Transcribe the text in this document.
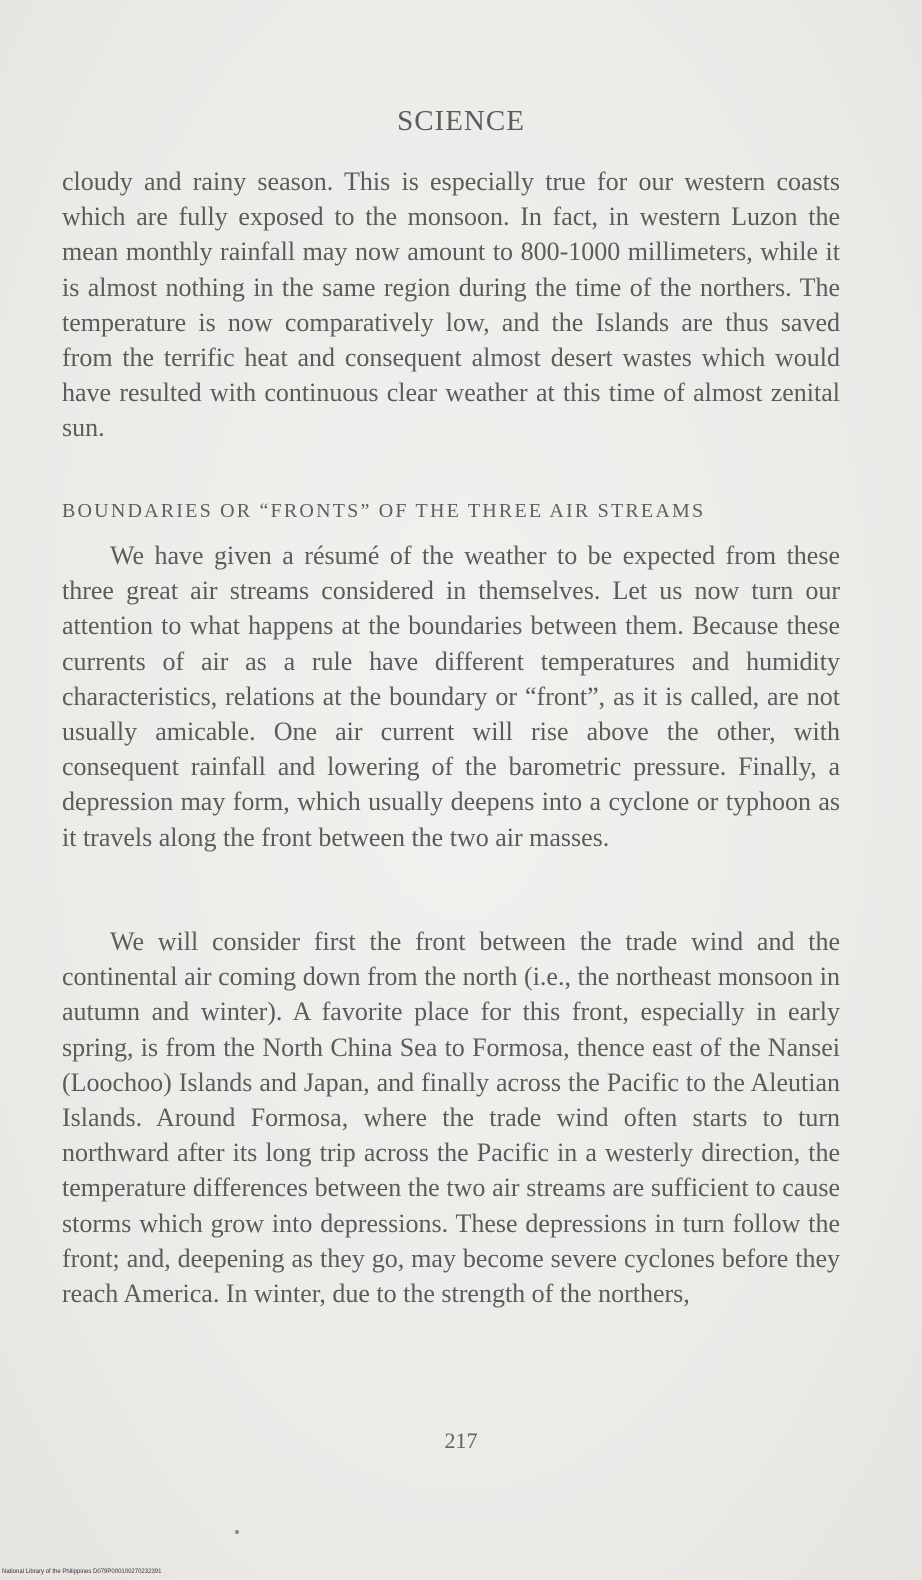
SCIENCE

cloudy and rainy season. This is especially true for our western coasts which are fully exposed to the monsoon. In fact, in western Luzon the mean monthly rainfall may now amount to 800-1000 millimeters, while it is almost nothing in the same region during the time of the northers. The temperature is now comparatively low, and the Islands are thus saved from the terrific heat and consequent almost desert wastes which would have resulted with continuous clear weather at this time of almost zenital sun.

BOUNDARIES OR “FRONTS” OF THE THREE AIR STREAMS

We have given a résumé of the weather to be expected from these three great air streams considered in themselves. Let us now turn our attention to what happens at the boundaries between them. Because these currents of air as a rule have different temperatures and humidity characteristics, relations at the boundary or “front”, as it is called, are not usually amicable. One air current will rise above the other, with consequent rainfall and lowering of the barometric pressure. Finally, a depression may form, which usually deepens into a cyclone or typhoon as it travels along the front between the two air masses.

We will consider first the front between the trade wind and the continental air coming down from the north (i.e., the northeast monsoon in autumn and winter). A favorite place for this front, especially in early spring, is from the North China Sea to Formosa, thence east of the Nansei (Loochoo) Islands and Japan, and finally across the Pacific to the Aleutian Islands. Around Formosa, where the trade wind often starts to turn northward after its long trip across the Pacific in a westerly direction, the temperature differences between the two air streams are sufficient to cause storms which grow into depressions. These depressions in turn follow the front; and, deepening as they go, may become severe cyclones before they reach America. In winter, due to the strength of the northers,

217
National Library of the Philippines D079P000100270232391
